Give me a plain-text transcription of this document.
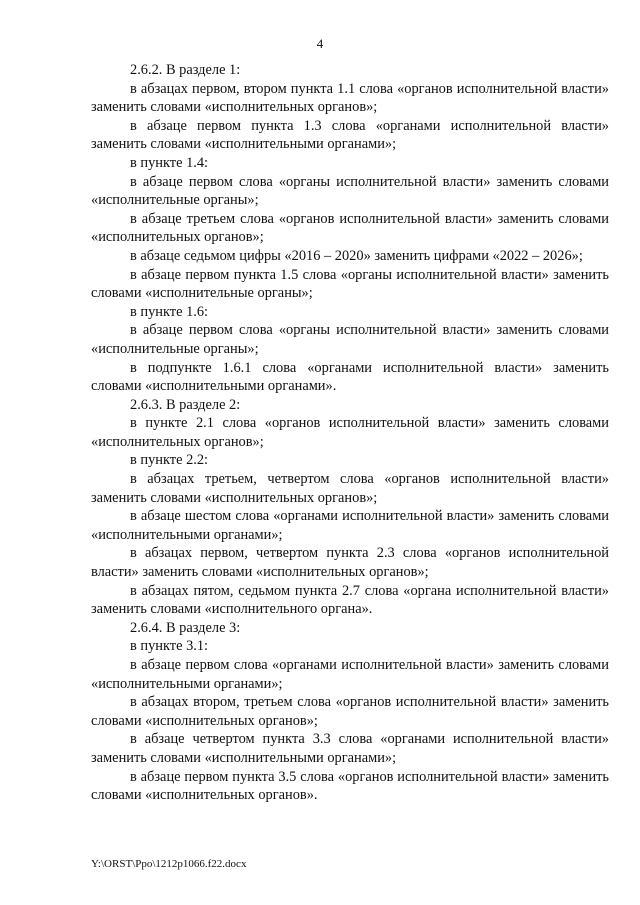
4

2.6.2. В разделе 1:

в абзацах первом, втором пункта 1.1 слова «органов исполнительной власти» заменить словами «исполнительных органов»;

в абзаце первом пункта 1.3 слова «органами исполнительной власти» заменить словами «исполнительными органами»;

в пункте 1.4:

в абзаце первом слова «органы исполнительной власти» заменить словами «исполнительные органы»;

в абзаце третьем слова «органов исполнительной власти» заменить словами «исполнительных органов»;

в абзаце седьмом цифры «2016 – 2020» заменить цифрами «2022 – 2026»;

в абзаце первом пункта 1.5 слова «органы исполнительной власти» заменить словами «исполнительные органы»;

в пункте 1.6:

в абзаце первом слова «органы исполнительной власти» заменить словами «исполнительные органы»;

в подпункте 1.6.1 слова «органами исполнительной власти» заменить словами «исполнительными органами».

2.6.3. В разделе 2:

в пункте 2.1 слова «органов исполнительной власти» заменить словами «исполнительных органов»;

в пункте 2.2:

в абзацах третьем, четвертом слова «органов исполнительной власти» заменить словами «исполнительных органов»;

в абзаце шестом слова «органами исполнительной власти» заменить словами «исполнительными органами»;

в абзацах первом, четвертом пункта 2.3 слова «органов исполнительной власти» заменить словами «исполнительных органов»;

в абзацах пятом, седьмом пункта 2.7 слова «органа исполнительной власти» заменить словами «исполнительного органа».

2.6.4. В разделе 3:

в пункте 3.1:

в абзаце первом слова «органами исполнительной власти» заменить словами «исполнительными органами»;

в абзацах втором, третьем слова «органов исполнительной власти» заменить словами «исполнительных органов»;

в абзаце четвертом пункта 3.3 слова «органами исполнительной власти» заменить словами «исполнительными органами»;

в абзаце первом пункта 3.5 слова «органов исполнительной власти» заменить словами «исполнительных органов».

Y:\ORST\Ppo\1212p1066.f22.docx
